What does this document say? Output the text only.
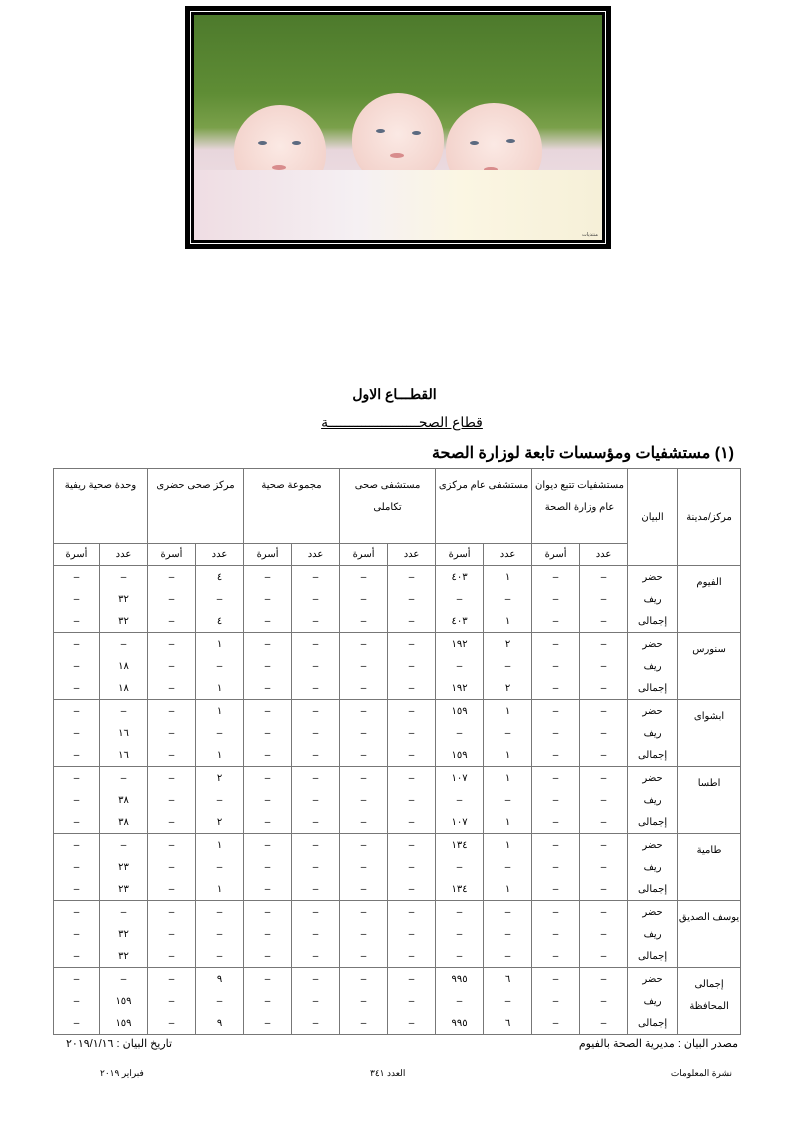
منتديات
القطـــاع الاول
قطاع الصحــــــــــــــــــــــة
(١) مستشفيات ومؤسسات تابعة لوزارة الصحة
مركز/مدينة	البيان	مستشفيات تتبع ديوان عام وزارة الصحة		مستشفى عام مركزى		مستشفى صحى تكاملى		مجموعة صحية		مركز صحى حضرى		وحدة صحية ريفية	
		عدد	أسرة	عدد	أسرة	عدد	أسرة	عدد	أسرة	عدد	أسرة	عدد	أسرة
الفيوم	حضر	–	–	١	٤٠٣	–	–	–	–	٤	–	–	–
	ريف	–	–	–	–	–	–	–	–	–	–	٣٢	–
	إجمالى	–	–	١	٤٠٣	–	–	–	–	٤	–	٣٢	–
سنورس	حضر	–	–	٢	١٩٢	–	–	–	–	١	–	–	–
	ريف	–	–	–	–	–	–	–	–	–	–	١٨	–
	إجمالى	–	–	٢	١٩٢	–	–	–	–	١	–	١٨	–
ابشواى	حضر	–	–	١	١٥٩	–	–	–	–	١	–	–	–
	ريف	–	–	–	–	–	–	–	–	–	–	١٦	–
	إجمالى	–	–	١	١٥٩	–	–	–	–	١	–	١٦	–
اطسا	حضر	–	–	١	١٠٧	–	–	–	–	٢	–	–	–
	ريف	–	–	–	–	–	–	–	–	–	–	٣٨	–
	إجمالى	–	–	١	١٠٧	–	–	–	–	٢	–	٣٨	–
طامية	حضر	–	–	١	١٣٤	–	–	–	–	١	–	–	–
	ريف	–	–	–	–	–	–	–	–	–	–	٢٣	–
	إجمالى	–	–	١	١٣٤	–	–	–	–	١	–	٢٣	–
يوسف الصديق	حضر	–	–	–	–	–	–	–	–	–	–	–	–
	ريف	–	–	–	–	–	–	–	–	–	–	٣٢	–
	إجمالى	–	–	–	–	–	–	–	–	–	–	٣٢	–
إجمالى المحافظة	حضر	–	–	٦	٩٩٥	–	–	–	–	٩	–	–	–
	ريف	–	–	–	–	–	–	–	–	–	–	١٥٩	–
	إجمالى	–	–	٦	٩٩٥	–	–	–	–	٩	–	١٥٩	–
مصدر البيان : مديرية الصحة بالفيوم
تاريخ البيان : ٢٠١٩/١/١٦
نشرة المعلومات
العدد ٣٤١
فبراير ٢٠١٩
